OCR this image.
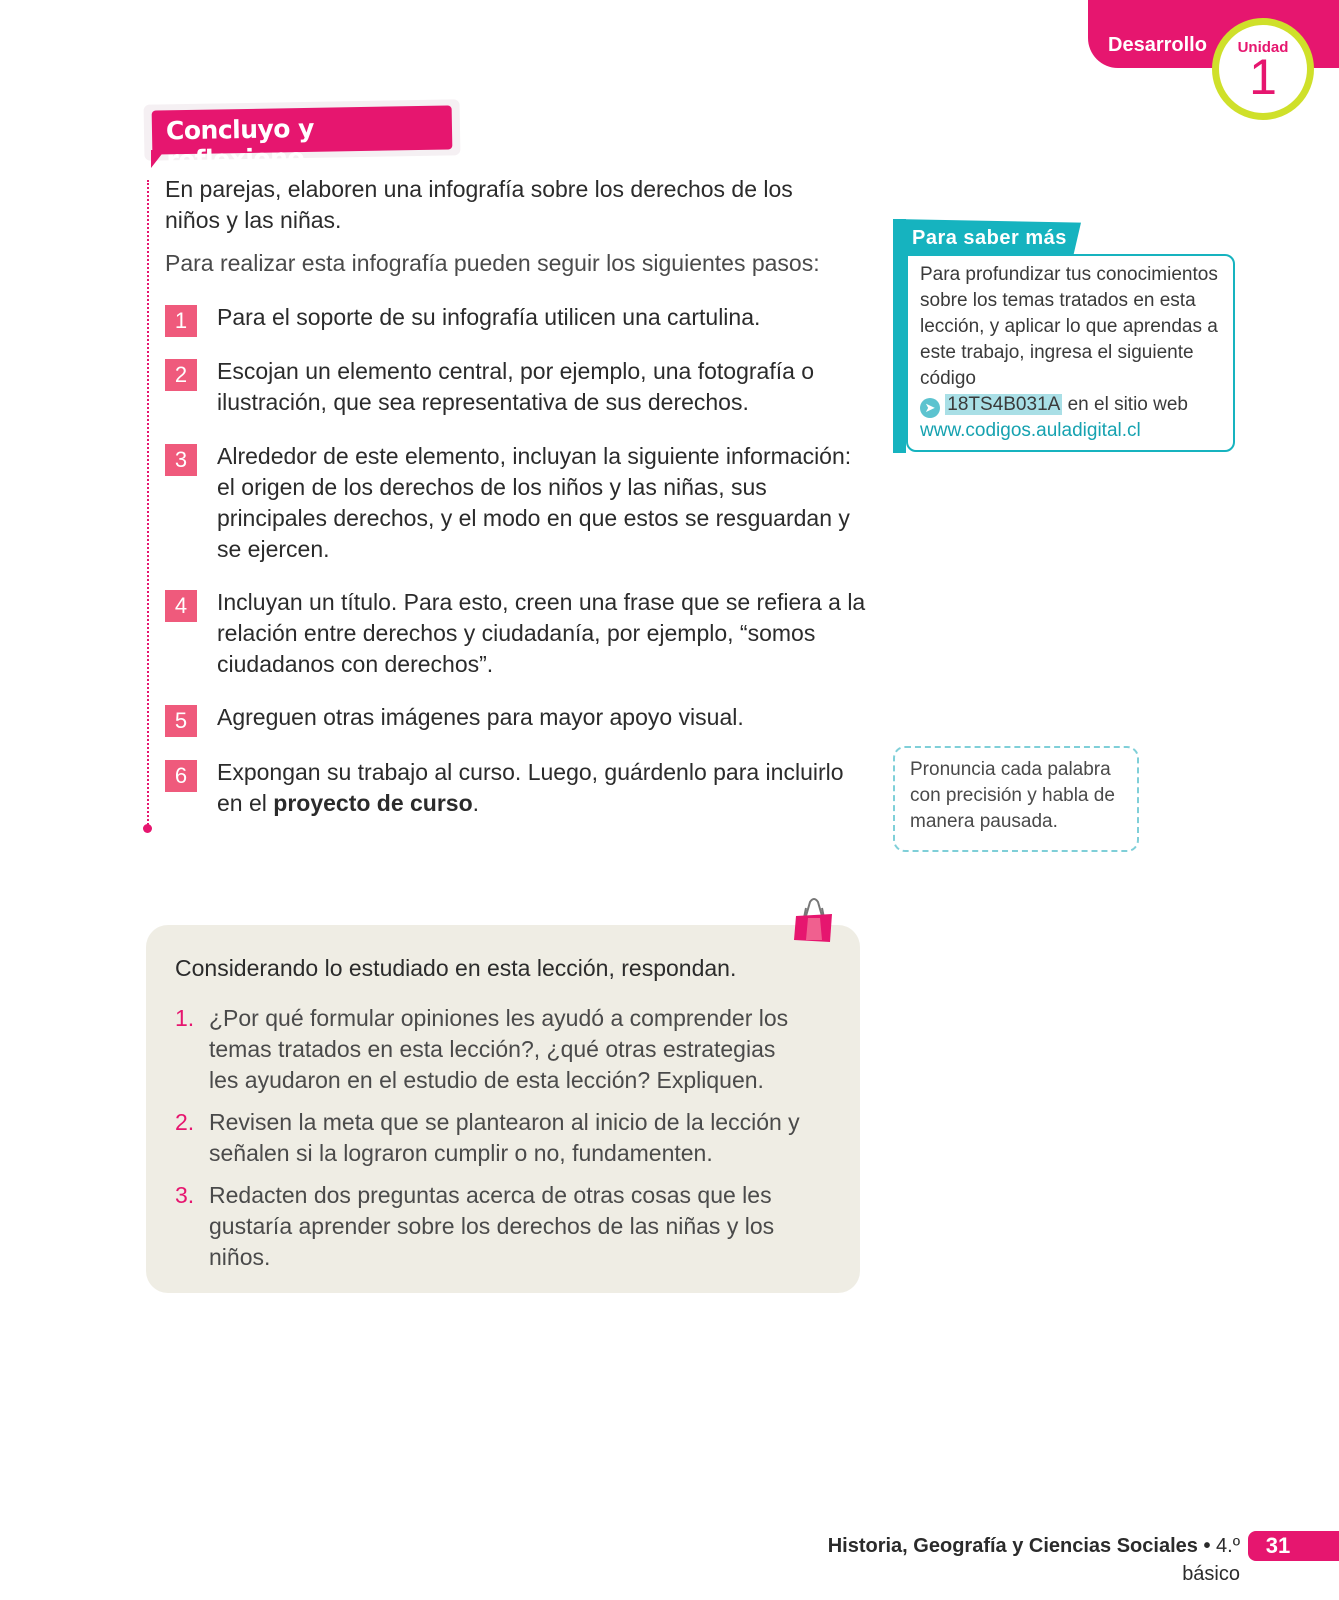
Desarrollo	Unidad
1
Concluyo y reflexiono
En parejas, elaboren una infografía sobre los derechos de los niños y las niñas.
Para realizar esta infografía pueden seguir los siguientes pasos:
1	Para el soporte de su infografía utilicen una cartulina.
2	Escojan un elemento central, por ejemplo, una fotografía o ilustración, que sea representativa de sus derechos.
3	Alrededor de este elemento, incluyan la siguiente información: el origen de los derechos de los niños y las niñas, sus principales derechos, y el modo en que estos se resguardan y se ejercen.
4	Incluyan un título. Para esto, creen una frase que se refiera a la relación entre derechos y ciudadanía, por ejemplo, “somos ciudadanos con derechos”.
5	Agreguen otras imágenes para mayor apoyo visual.
6	Expongan su trabajo al curso. Luego, guárdenlo para incluirlo en el proyecto de curso.
Para saber más
Para profundizar tus conocimientos sobre los temas tratados en esta lección, y aplicar lo que aprendas a este trabajo, ingresa el siguiente código
➤ 18TS4B031A en el sitio web
www.codigos.auladigital.cl
Pronuncia cada palabra con precisión y habla de manera pausada.
Considerando lo estudiado en esta lección, respondan.
1. ¿Por qué formular opiniones les ayudó a comprender los temas tratados en esta lección?, ¿qué otras estrategias les ayudaron en el estudio de esta lección? Expliquen.
2. Revisen la meta que se plantearon al inicio de la lección y señalen si la lograron cumplir o no, fundamenten.
3. Redacten dos preguntas acerca de otras cosas que les gustaría aprender sobre los derechos de las niñas y los niños.
Historia, Geografía y Ciencias Sociales • 4.º básico
31
